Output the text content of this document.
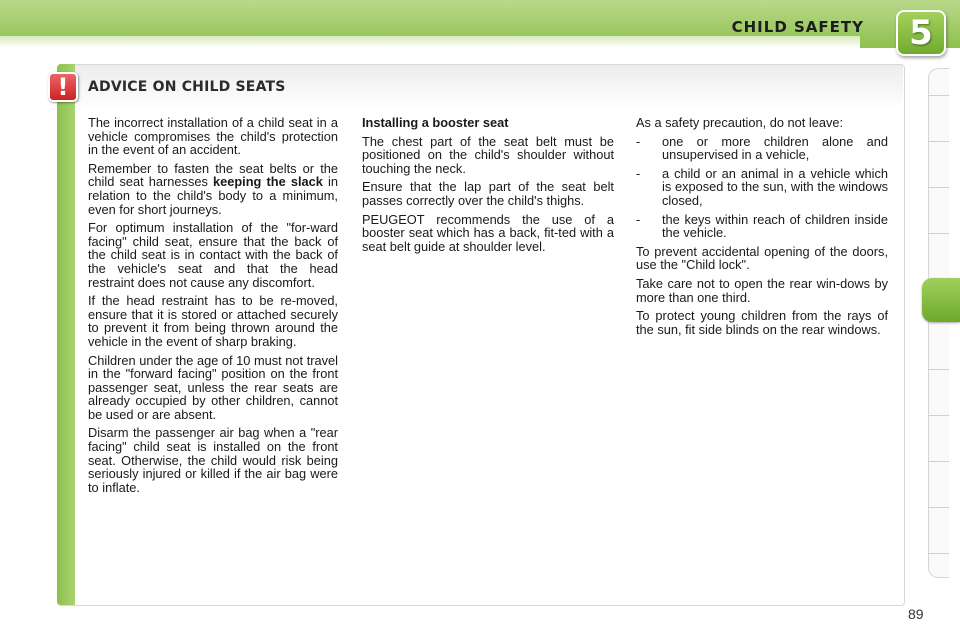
CHILD SAFETY	5
!	ADVICE ON CHILD SEATS

The incorrect installation of a child seat in a vehicle compromises the child's protection in the event of an accident.

Remember to fasten the seat belts or the child seat harnesses keeping the slack in relation to the child's body to a minimum, even for short journeys.

For optimum installation of the "for-ward facing" child seat, ensure that the back of the child seat is in contact with the back of the vehicle's seat and that the head restraint does not cause any discomfort.

If the head restraint has to be re-moved, ensure that it is stored or attached securely to prevent it from being thrown around the vehicle in the event of sharp braking.

Children under the age of 10 must not travel in the "forward facing" position on the front passenger seat, unless the rear seats are already occupied by other children, cannot be used or are absent.

Disarm the passenger air bag when a "rear facing" child seat is installed on the front seat. Otherwise, the child would risk being seriously injured or killed if the air bag were to inflate.

Installing a booster seat

The chest part of the seat belt must be positioned on the child's shoulder without touching the neck.

Ensure that the lap part of the seat belt passes correctly over the child's thighs.

PEUGEOT recommends the use of a booster seat which has a back, fit-ted with a seat belt guide at shoulder level.

As a safety precaution, do not leave:

- one or more children alone and unsupervised in a vehicle,
- a child or an animal in a vehicle which is exposed to the sun, with the windows closed,
- the keys within reach of children inside the vehicle.

To prevent accidental opening of the doors, use the "Child lock".

Take care not to open the rear win-dows by more than one third.

To protect young children from the rays of the sun, fit side blinds on the rear windows.

89
